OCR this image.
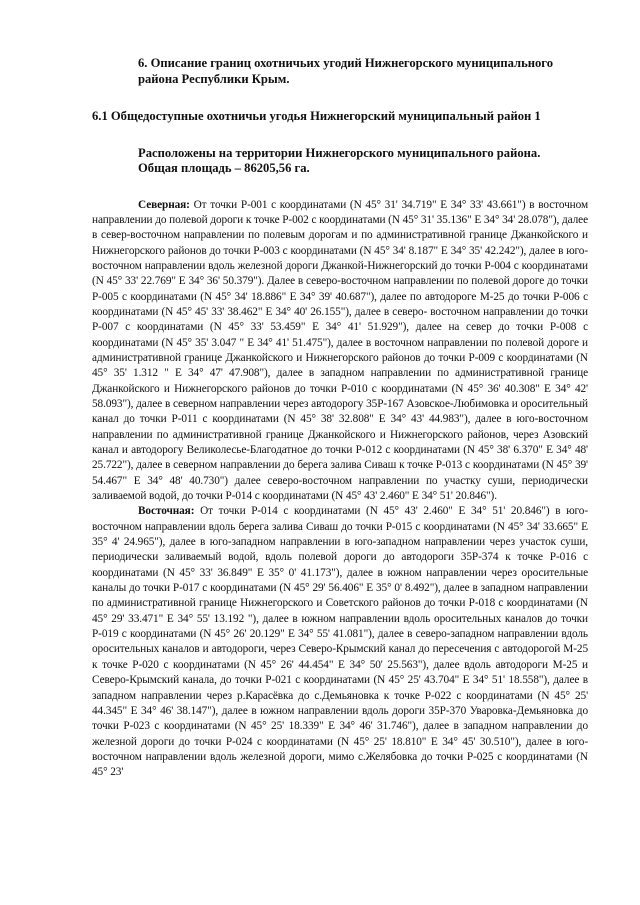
6. Описание границ охотничьих угодий Нижнегорского муниципального района Республики Крым.
6.1 Общедоступные охотничьи угодья Нижнегорский муниципальный район 1
Расположены на территории Нижнегорского муниципального района.
Общая площадь – 86205,56 га.

Северная: От точки Р-001 с координатами (N 45° 31' 34.719" E 34° 33' 43.661") в восточном направлении до полевой дороги к точке Р-002 с координатами (N 45° 31' 35.136" E 34° 34' 28.078"), далее в север-восточном направлении по полевым дорогам и по административной границе Джанкойского и Нижнегорского районов до точки Р-003 с координатами (N 45° 34' 8.187" E 34° 35' 42.242"), далее в юго-восточном направлении вдоль железной дороги Джанкой-Нижнегорский до точки Р-004 с координатами (N 45° 33' 22.769" E 34° 36' 50.379"). Далее в северо-восточном направлении по полевой дороге до точки Р-005 с координатами (N 45° 34' 18.886" E 34° 39' 40.687"), далее по автодороге М-25 до точки Р-006 с координатами (N 45° 45' 33' 38.462" E 34° 40' 26.155"), далее в северо- восточном направлении до точки Р-007 с координатами (N 45° 33' 53.459" E 34° 41' 51.929"), далее на север до точки Р-008 с координатами (N 45° 35' 3.047 " E 34° 41' 51.475"), далее в восточном направлении по полевой дороге и административной границе Джанкойского и Нижнегорского районов до точки Р-009 с координатами (N 45° 35' 1.312 " E 34° 47' 47.908"), далее в западном направлении по административной границе Джанкойского и Нижнегорского районов до точки Р-010 с координатами (N 45° 36' 40.308" E 34° 42' 58.093"), далее в северном направлении через автодорогу 35Р-167 Азовское-Любимовка и оросительный канал до точки Р-011 с координатами (N 45° 38' 32.808" E 34° 43' 44.983"), далее в юго-восточном направлении по административной границе Джанкойского и Нижнегорского районов, через Азовский канал и автодорогу Великолесье-Благодатное до точки Р-012 с координатами (N 45° 38' 6.370" E 34° 48' 25.722"), далее в северном направлении до берега залива Сиваш к точке Р-013 с координатами (N 45° 39' 54.467" E 34° 48' 40.730") далее северо-восточном направлении по участку суши, периодически заливаемой водой, до точки Р-014 с координатами (N 45° 43' 2.460" E 34° 51' 20.846").

Восточная: От точки Р-014 с координатами (N 45° 43' 2.460" E 34° 51' 20.846") в юго-восточном направлении вдоль берега залива Сиваш до точки Р-015 с координатами (N 45° 34' 33.665" E 35° 4' 24.965"), далее в юго-западном направлении в юго-западном направлении через участок суши, периодически заливаемый водой, вдоль полевой дороги до автодороги 35Р-374 к точке Р-016 с координатами (N 45° 33' 36.849" E 35° 0' 41.173"), далее в южном направлении через оросительные каналы до точки Р-017 с координатами (N 45° 29' 56.406" E 35° 0' 8.492"), далее в западном направлении по административной границе Нижнегорского и Советского районов до точки Р-018 с координатами (N 45° 29' 33.471" E 34° 55' 13.192 "), далее в южном направлении вдоль оросительных каналов до точки Р-019 с координатами (N 45° 26' 20.129" E 34° 55' 41.081"), далее в северо-западном направлении вдоль оросительных каналов и автодороги, через Северо-Крымский канал до пересечения с автодорогой М-25 к точке Р-020 с координатами (N 45° 26' 44.454" E 34° 50' 25.563"), далее вдоль автодороги М-25 и Северо-Крымский канала, до точки Р-021 с координатами (N 45° 25' 43.704" E 34° 51' 18.558"), далее в западном направлении через р.Карасёвка до с.Демьяновка к точке Р-022 с координатами (N 45° 25' 44.345" E 34° 46' 38.147"), далее в южном направлении вдоль дороги 35Р-370 Уваровка-Демьяновка до точки Р-023 с координатами (N 45° 25' 18.339" E 34° 46' 31.746"), далее в западном направлении до железной дороги до точки Р-024 с координатами (N 45° 25' 18.810" E 34° 45' 30.510"), далее в юго-восточном направлении вдоль железной дороги, мимо с.Желябовка до точки Р-025 с координатами (N 45° 23'
